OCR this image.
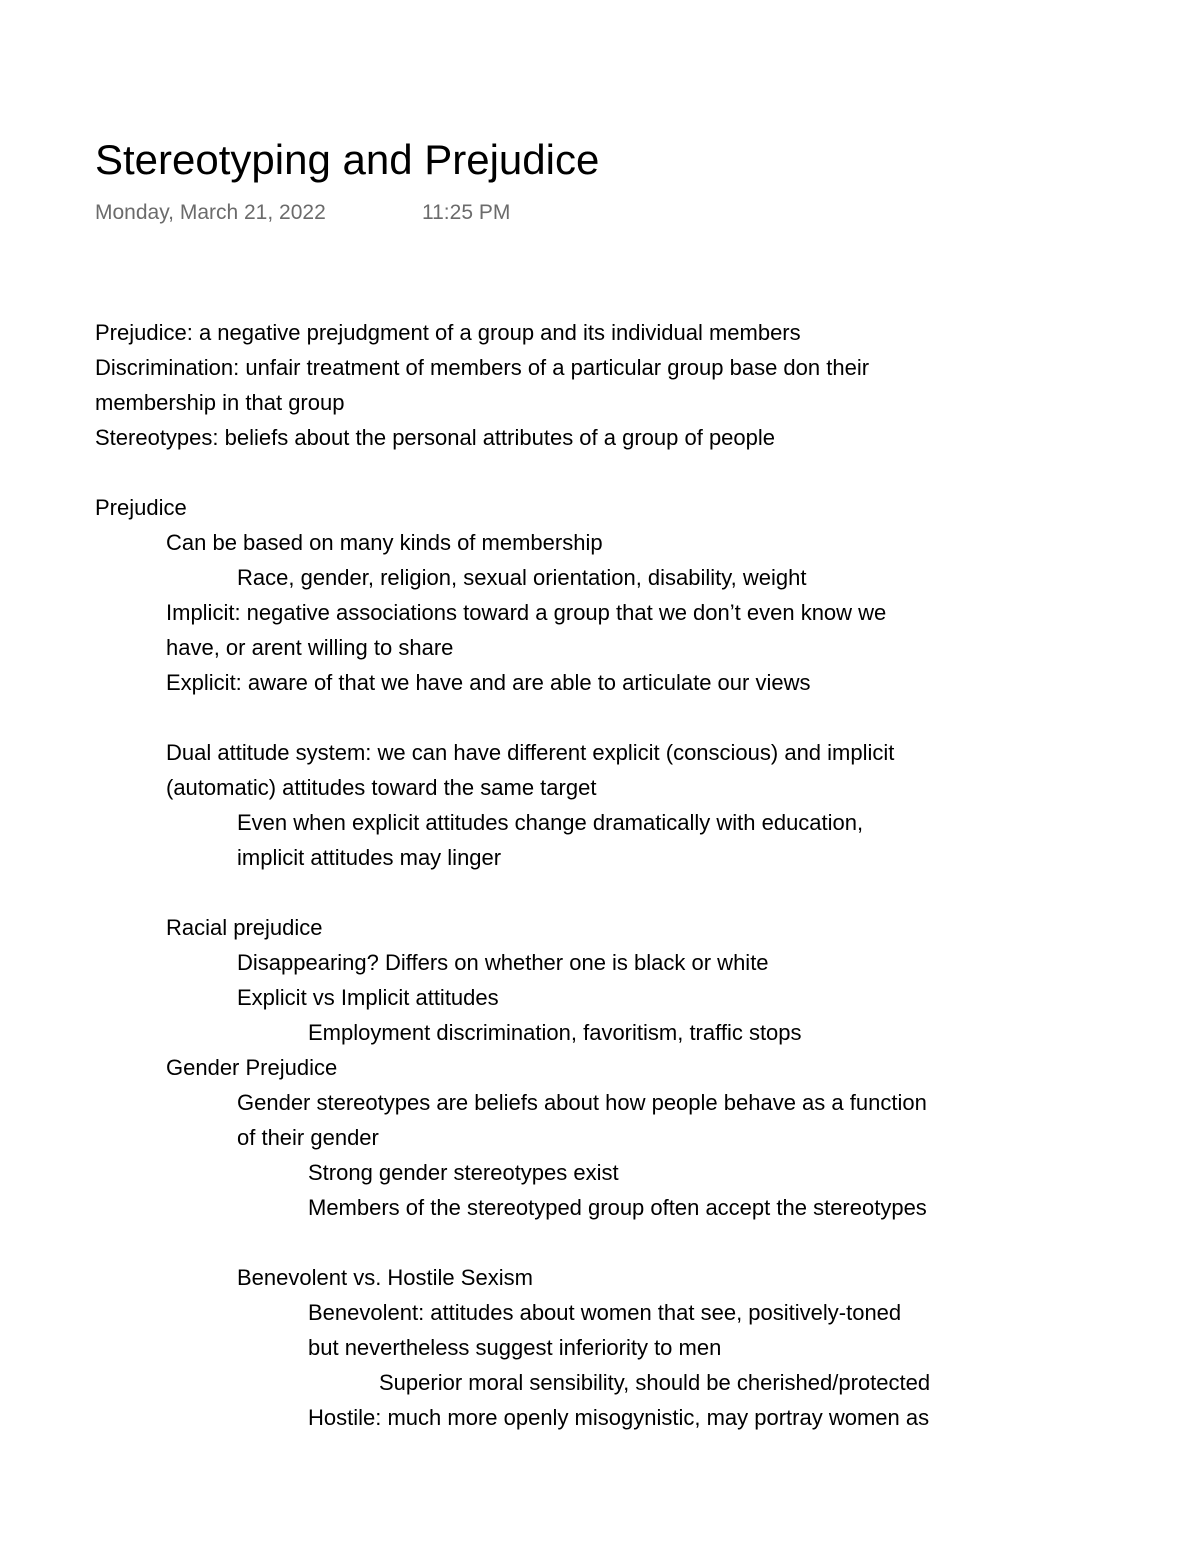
Stereotyping and Prejudice
Monday, March 21, 2022	11:25 PM
Prejudice: a negative prejudgment of a group and its individual members
Discrimination: unfair treatment of members of a particular group base don their
membership in that group
Stereotypes: beliefs about the personal attributes of a group of people
Prejudice
Can be based on many kinds of membership
Race, gender, religion, sexual orientation, disability, weight
Implicit: negative associations toward a group that we don’t even know we
have, or arent willing to share
Explicit: aware of that we have and are able to articulate our views
Dual attitude system: we can have different explicit (conscious) and implicit
(automatic) attitudes toward the same target
Even when explicit attitudes change dramatically with education,
implicit attitudes may linger
Racial prejudice
Disappearing? Differs on whether one is black or white
Explicit vs Implicit attitudes
Employment discrimination, favoritism, traffic stops
Gender Prejudice
Gender stereotypes are beliefs about how people behave as a function
of their gender
Strong gender stereotypes exist
Members of the stereotyped group often accept the stereotypes
Benevolent vs. Hostile Sexism
Benevolent: attitudes about women that see, positively-toned
but nevertheless suggest inferiority to men
Superior moral sensibility, should be cherished/protected
Hostile: much more openly misogynistic, may portray women as
